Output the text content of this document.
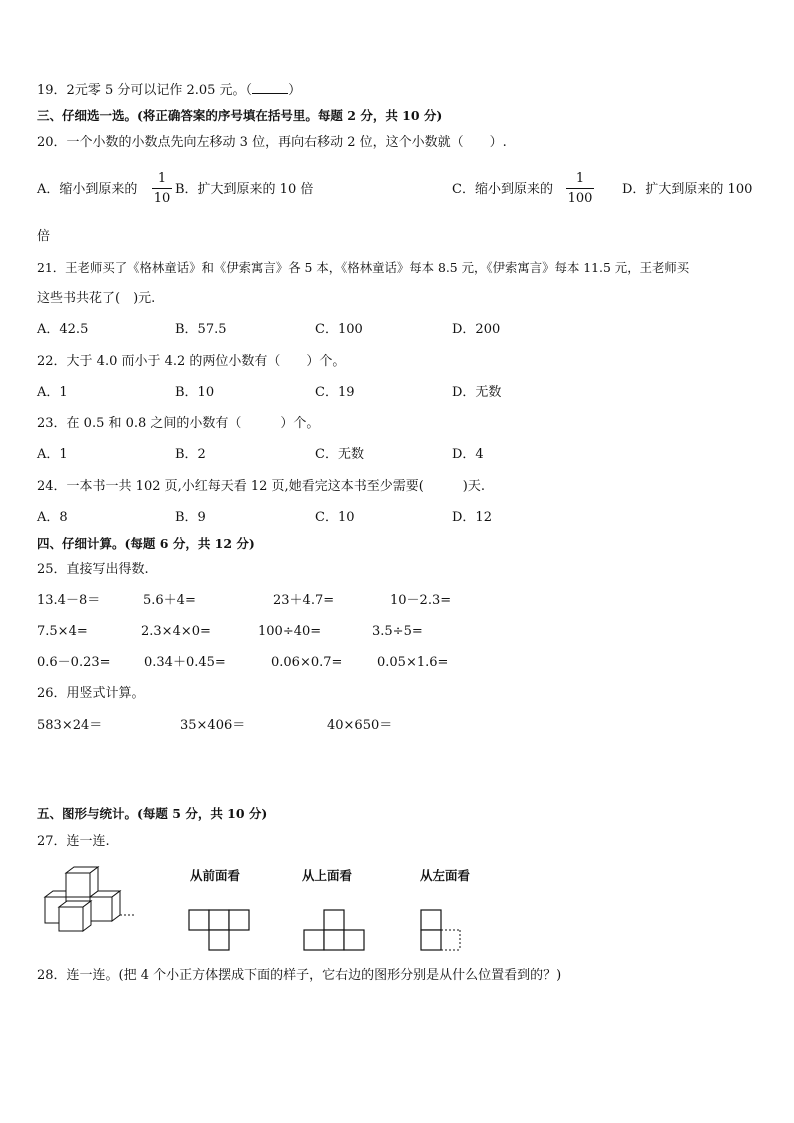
19．2元零 5 分可以记作 2.05 元。（	）
三、仔细选一选。(将正确答案的序号填在括号里。每题 2 分，共 10 分)
20．一个小数的小数点先向左移动 3 位，再向右移动 2 位，这个小数就（　　）.
A．缩小到原来的
1
10
B．扩大到原来的 10 倍	C．缩小到原来的
1
100
D．扩大到原来的 100
倍
21．王老师买了《格林童话》和《伊索寓言》各 5 本，《格林童话》每本 8.5 元，《伊索寓言》每本 11.5 元，王老师买
这些书共花了(　)元.
A．42.5	B．57.5	C．100	D．200
22．大于 4.0 而小于 4.2 的两位小数有（　　）个。
A．1	B．10	C．19	D．无数
23．在 0.5 和 0.8 之间的小数有（　　　）个。
A．1	B．2	C．无数	D．4
24．一本书一共 102 页,小红每天看 12 页,她看完这本书至少需要(　　　)天.
A．8	B．9	C．10	D．12
四、仔细计算。(每题 6 分，共 12 分)
25．直接写出得数.
13.4－8＝	5.6＋4=	23＋4.7=	10－2.3=
7.5×4=	2.3×4×0=	100÷40=	3.5÷5=
0.6－0.23=	0.34＋0.45=	0.06×0.7=	0.05×1.6=
26．用竖式计算。
583×24＝	35×406＝	40×650＝
五、图形与统计。(每题 5 分，共 10 分)
27．连一连.
从前面看	从上面看	从左面看
28．连一连。(把 4 个小正方体摆成下面的样子，它右边的图形分别是从什么位置看到的？)
